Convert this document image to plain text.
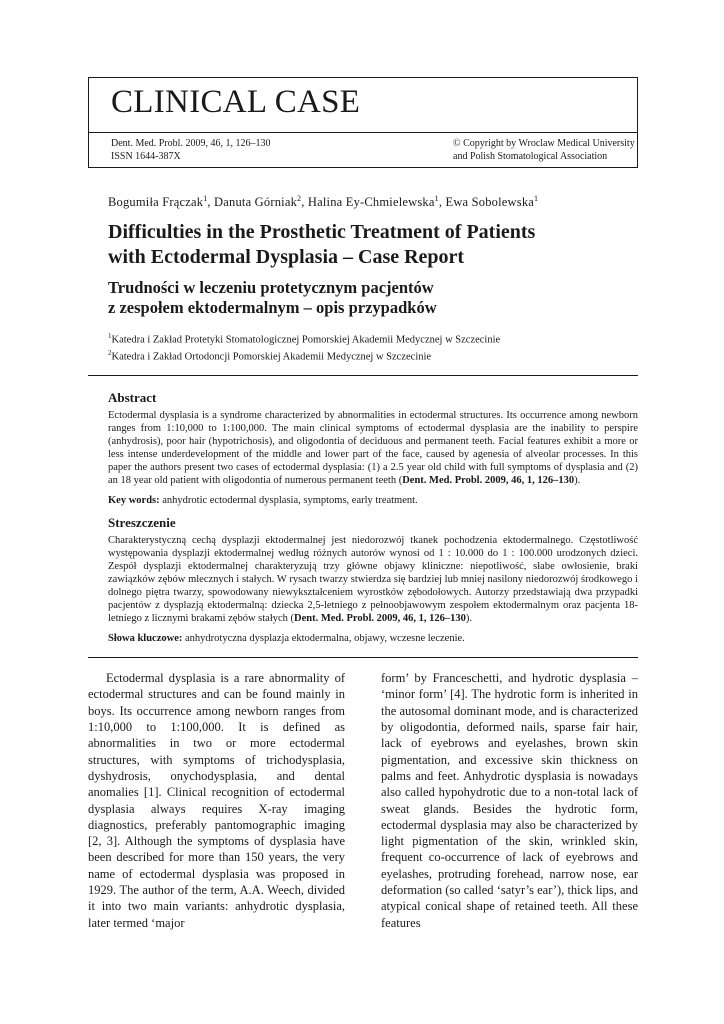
CLINICAL CASE
Dent. Med. Probl. 2009, 46, 1, 126–130
ISSN 1644-387X
© Copyright by Wroclaw Medical University
and Polish Stomatological Association
Bogumiła Frączak$^1$, Danuta Górniak$^2$, Halina Ey-Chmielewska$^1$, Ewa Sobolewska$^1$
Difficulties in the Prosthetic Treatment of Patients
with Ectodermal Dysplasia – Case Report
Trudności w leczeniu protetycznym pacjentów
z zespołem ektodermalnym – opis przypadków
$^1$Katedra i Zakład Protetyki Stomatologicznej Pomorskiej Akademii Medycznej w Szczecinie
$^2$Katedra i Zakład Ortodoncji Pomorskiej Akademii Medycznej w Szczecinie
Abstract

Ectodermal dysplasia is a syndrome characterized by abnormalities in ectodermal structures. Its occurrence among newborn ranges from 1:10,000 to 1:100,000. The main clinical symptoms of ectodermal dysplasia are the inability to perspire (anhydrosis), poor hair (hypotrichosis), and oligodontia of deciduous and permanent teeth. Facial features exhibit a more or less intense underdevelopment of the middle and lower part of the face, caused by agenesia of alveolar processes. In this paper the authors present two cases of ectodermal dysplasia: (1) a 2.5 year old child with full symptoms of dysplasia and (2) an 18 year old patient with oligodontia of numerous permanent teeth (Dent. Med. Probl. 2009, 46, 1, 126–130).

Key words: anhydrotic ectodermal dysplasia, symptoms, early treatment.

Streszczenie

Charakterystyczną cechą dysplazji ektodermalnej jest niedorozwój tkanek pochodzenia ektodermalnego. Częstotliwość występowania dysplazji ektodermalnej według różnych autorów wynosi od 1 : 10.000 do 1 : 100.000 urodzonych dzieci. Zespół dysplazji ektodermalnej charakteryzują trzy główne objawy kliniczne: niepotliwość, słabe owłosienie, braki zawiązków zębów mlecznych i stałych. W rysach twarzy stwierdza się bardziej lub mniej nasilony niedorozwój środkowego i dolnego piętra twarzy, spowodowany niewykształceniem wyrostków zębodołowych. Autorzy przedstawiają dwa przypadki pacjentów z dysplazją ektodermalną: dziecka 2,5-letniego z pełnoobjawowym zespołem ektodermalnym oraz pacjenta 18-letniego z licznymi brakami zębów stałych (Dent. Med. Probl. 2009, 46, 1, 126–130).

Słowa kluczowe: anhydrotyczna dysplazja ektodermalna, objawy, wczesne leczenie.

Ectodermal dysplasia is a rare abnormality of ectodermal structures and can be found mainly in boys. Its occurrence among newborn ranges from 1:10,000 to 1:100,000. It is defined as abnormalities in two or more ectodermal structures, with symptoms of trichodysplasia, dyshydrosis, onychodysplasia, and dental anomalies [1]. Clinical recognition of ectodermal dysplasia always requires X-ray imaging diagnostics, preferably pantomographic imaging [2, 3]. Although the symptoms of dysplasia have been described for more than 150 years, the very name of ectodermal dysplasia was proposed in 1929. The author of the term, A.A. Weech, divided it into two main variants: anhydrotic dysplasia, later termed ‘major

form’ by Franceschetti, and hydrotic dysplasia – ‘minor form’ [4]. The hydrotic form is inherited in the autosomal dominant mode, and is characterized by oligodontia, deformed nails, sparse fair hair, lack of eyebrows and eyelashes, brown skin pigmentation, and excessive skin thickness on palms and feet. Anhydrotic dysplasia is nowadays also called hypohydrotic due to a non-total lack of sweat glands. Besides the hydrotic form, ectodermal dysplasia may also be characterized by light pigmentation of the skin, wrinkled skin, frequent co-occurrence of lack of eyebrows and eyelashes, protruding forehead, narrow nose, ear deformation (so called ‘satyr’s ear’), thick lips, and atypical conical shape of retained teeth. All these features
